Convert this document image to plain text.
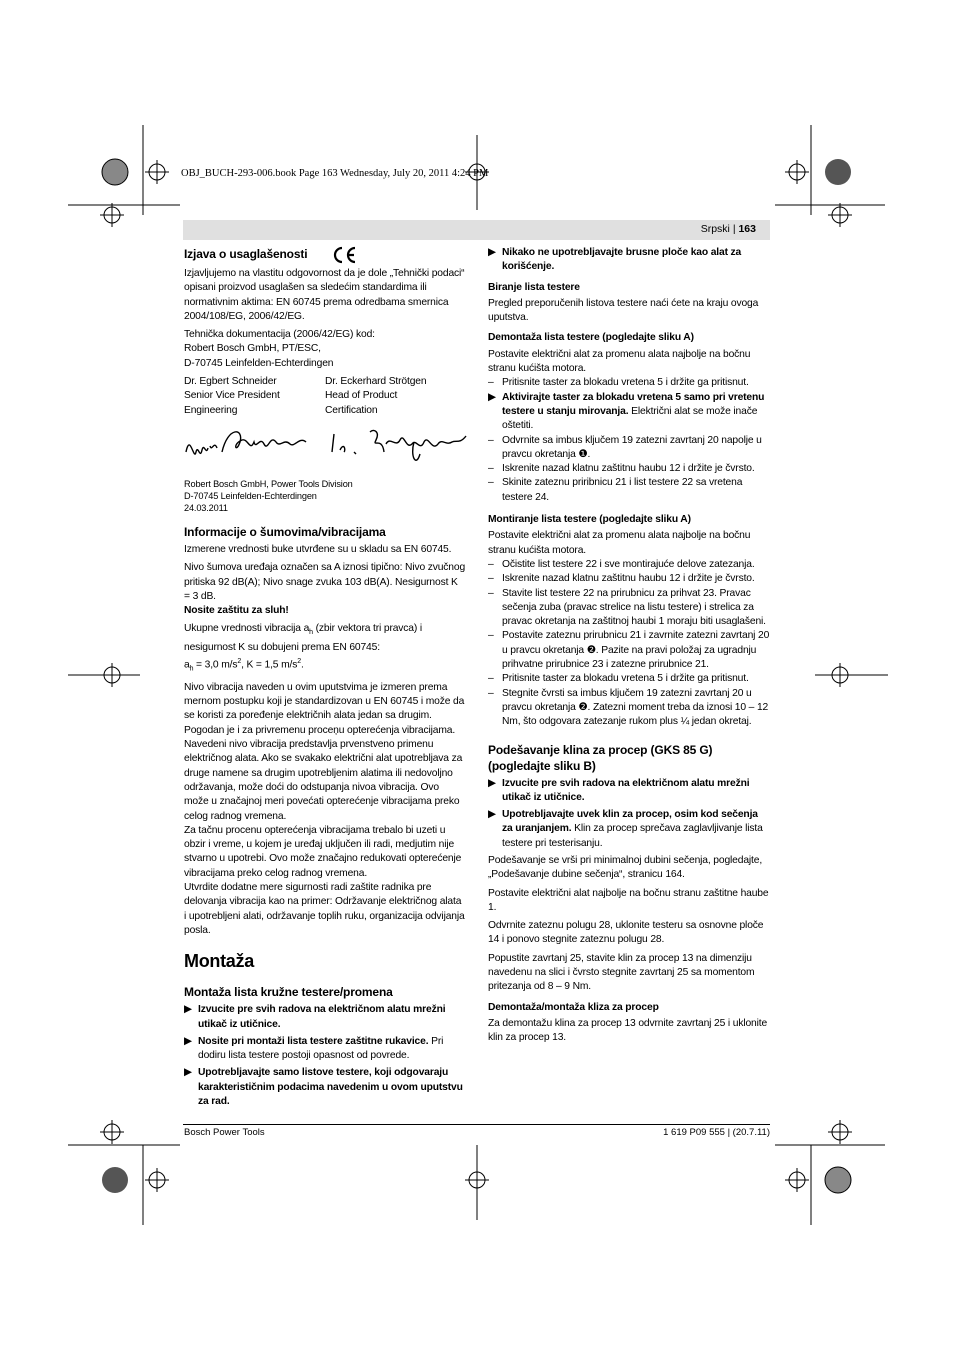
OBJ_BUCH-293-006.book Page 163 Wednesday, July 20, 2011 4:24 PM
Srpski | 163
Izjava o usaglašenosti

Izjavljujemo na vlastitu odgovornost da je dole „Tehnički podaci“ opisani proizvod usaglašen sa sledećim standardima ili normativnim aktima: EN 60745 prema odredbama smernica 2004/108/EG, 2006/42/EG.

Tehnička dokumentacija (2006/42/EG) kod:

Robert Bosch GmbH, PT/ESC,

D-70745 Leinfelden-Echterdingen

Dr. Egbert Schneider
Senior Vice President
Engineering
Dr. Eckerhard Strötgen
Head of Product
Certification
Robert Bosch GmbH, Power Tools Division
D-70745 Leinfelden-Echterdingen
24.03.2011
Informacije o šumovima/vibracijama

Izmerene vrednosti buke utvrđene su u skladu sa EN 60745.

Nivo šumova uređaja označen sa A iznosi tipično: Nivo zvučnog pritiska 92 dB(A); Nivo snage zvuka 103 dB(A). Nesigurnost K = 3 dB.

Nosite zaštitu za sluh!

Ukupne vrednosti vibracija $a_h$ (zbir vektora tri pravca) i nesigurnost K su dobujeni prema EN 60745:

$a_h = 3,0$ $m/s^2$, K = 1,5 $m/s^2$.

Nivo vibracija naveden u ovim uputstvima je izmeren prema mernom postupku koji je standardizovan u EN 60745 i može da se koristi za poređenje električnih alata jedan sa drugim. Pogodan je i za privremenu proceņu opterećenja vibracijama. Navedeni nivo vibracija predstavlja prvenstveno primenu električnog alata. Ako se svakako električni alat upotrebljava za druge namene sa drugim upotrebljenim alatima ili nedovoljno održavanja, može doći do odstupanja nivoa vibracija. Ovo može u značajnoj meri povećati opterećenje vibracijama preko celog radnog vremena.

Za tačnu procenu opterećenja vibracijama trebalo bi uzeti u obzir i vreme, u kojem je uređaj uključen ili radi, medjutim nije stvarno u upotrebi. Ovo može značajno redukovati opterećenje vibracijama preko celog radnog vremena.

Utvrdite dodatne mere sigurnosti radi zaštite radnika pre delovanja vibracija kao na primer: Održavanje električnog alata i upotrebljeni alati, održavanje toplih ruku, organizacija odvijanja posla.

Montaža
Montaža lista kružne testere/promena
▶ Izvucite pre svih radova na električnom alatu mrežni utikač iz utičnice.
▶ Nosite pri montaži lista testere zaštitne rukavice. Pri dodiru lista testere postoji opasnost od povrede.
▶ Upotrebljavajte samo listove testere, koji odgovaraju karakterističnim podacima navedenim u ovom uputstvu za rad.
▶ Nikako ne upotrebljavajte brusne ploče kao alat za korišćenje.
Biranje lista testere

Pregled preporučenih listova testere naći ćete na kraju ovoga uputstva.

Demontaža lista testere (pogledajte sliku A)

Postavite električni alat za promenu alata najbolje na bočnu stranu kućišta motora.

– Pritisnite taster za blokadu vretena 5 i držite ga pritisnut.
▶ Aktivirajte taster za blokadu vretena 5 samo pri vretenu testere u stanju mirovanja. Električni alat se može inače oštetiti.
– Odvrnite sa imbus ključem 19 zatezni zavrtanj 20 napolje u pravcu okretanja ❶.
– Iskrenite nazad klatnu zaštitnu haubu 12 i držite je čvrsto.
– Skinite zateznu priribnicu 21 i list testere 22 sa vretena testere 24.
Montiranje lista testere (pogledajte sliku A)

Postavite električni alat za promenu alata najbolje na bočnu stranu kućišta motora.

– Očistite list testere 22 i sve montirajuće delove zatezanja.
– Iskrenite nazad klatnu zaštitnu haubu 12 i držite je čvrsto.
– Stavite list testere 22 na prirubnicu za prihvat 23. Pravac sečenja zuba (pravac strelice na listu testere) i strelica za pravac okretanja na zaštitnoj haubi 1 moraju biti usaglašeni.
– Postavite zateznu prirubnicu 21 i zavrnite zatezni zavrtanj 20 u pravcu okretanja ❷. Pazite na pravi položaj za ugradnju prihvatne prirubnice 23 i zatezne prirubnice 21.
– Pritisnite taster za blokadu vretena 5 i držite ga pritisnut.
– Stegnite čvrsti sa imbus ključem 19 zatezni zavrtanj 20 u pravcu okretanja ❷. Zatezni moment treba da iznosi 10 – 12 Nm, što odgovara zatezanje rukom plus ¼ jedan okretaj.
Podešavanje klina za procep (GKS 85 G) (pogledajte sliku B)
▶ Izvucite pre svih radova na električnom alatu mrežni utikač iz utičnice.
▶ Upotrebljavajte uvek klin za procep, osim kod sečenja za uranjanjem. Klin za procep sprečava zaglavljivanje lista testere pri testerisanju.

Podešavanje se vrši pri minimalnoj dubini sečenja, pogledajte, „Podešavanje dubine sečenja“, stranicu 164.

Postavite električni alat najbolje na bočnu stranu zaštitne haube 1.

Odvrnite zateznu polugu 28, uklonite testeru sa osnovne ploče 14 i ponovo stegnite zateznu polugu 28.

Popustite zavrtanj 25, stavite klin za procep 13 na dimenziju navedenu na slici i čvrsto stegnite zavrtanj 25 sa momentom pritezanja od 8 – 9 Nm.

Demontaža/montaža kliza za procep

Za demontažu klina za procep 13 odvrnite zavrtanj 25 i uklonite klin za procep 13.

Bosch Power Tools	1 619 P09 555 | (20.7.11)
